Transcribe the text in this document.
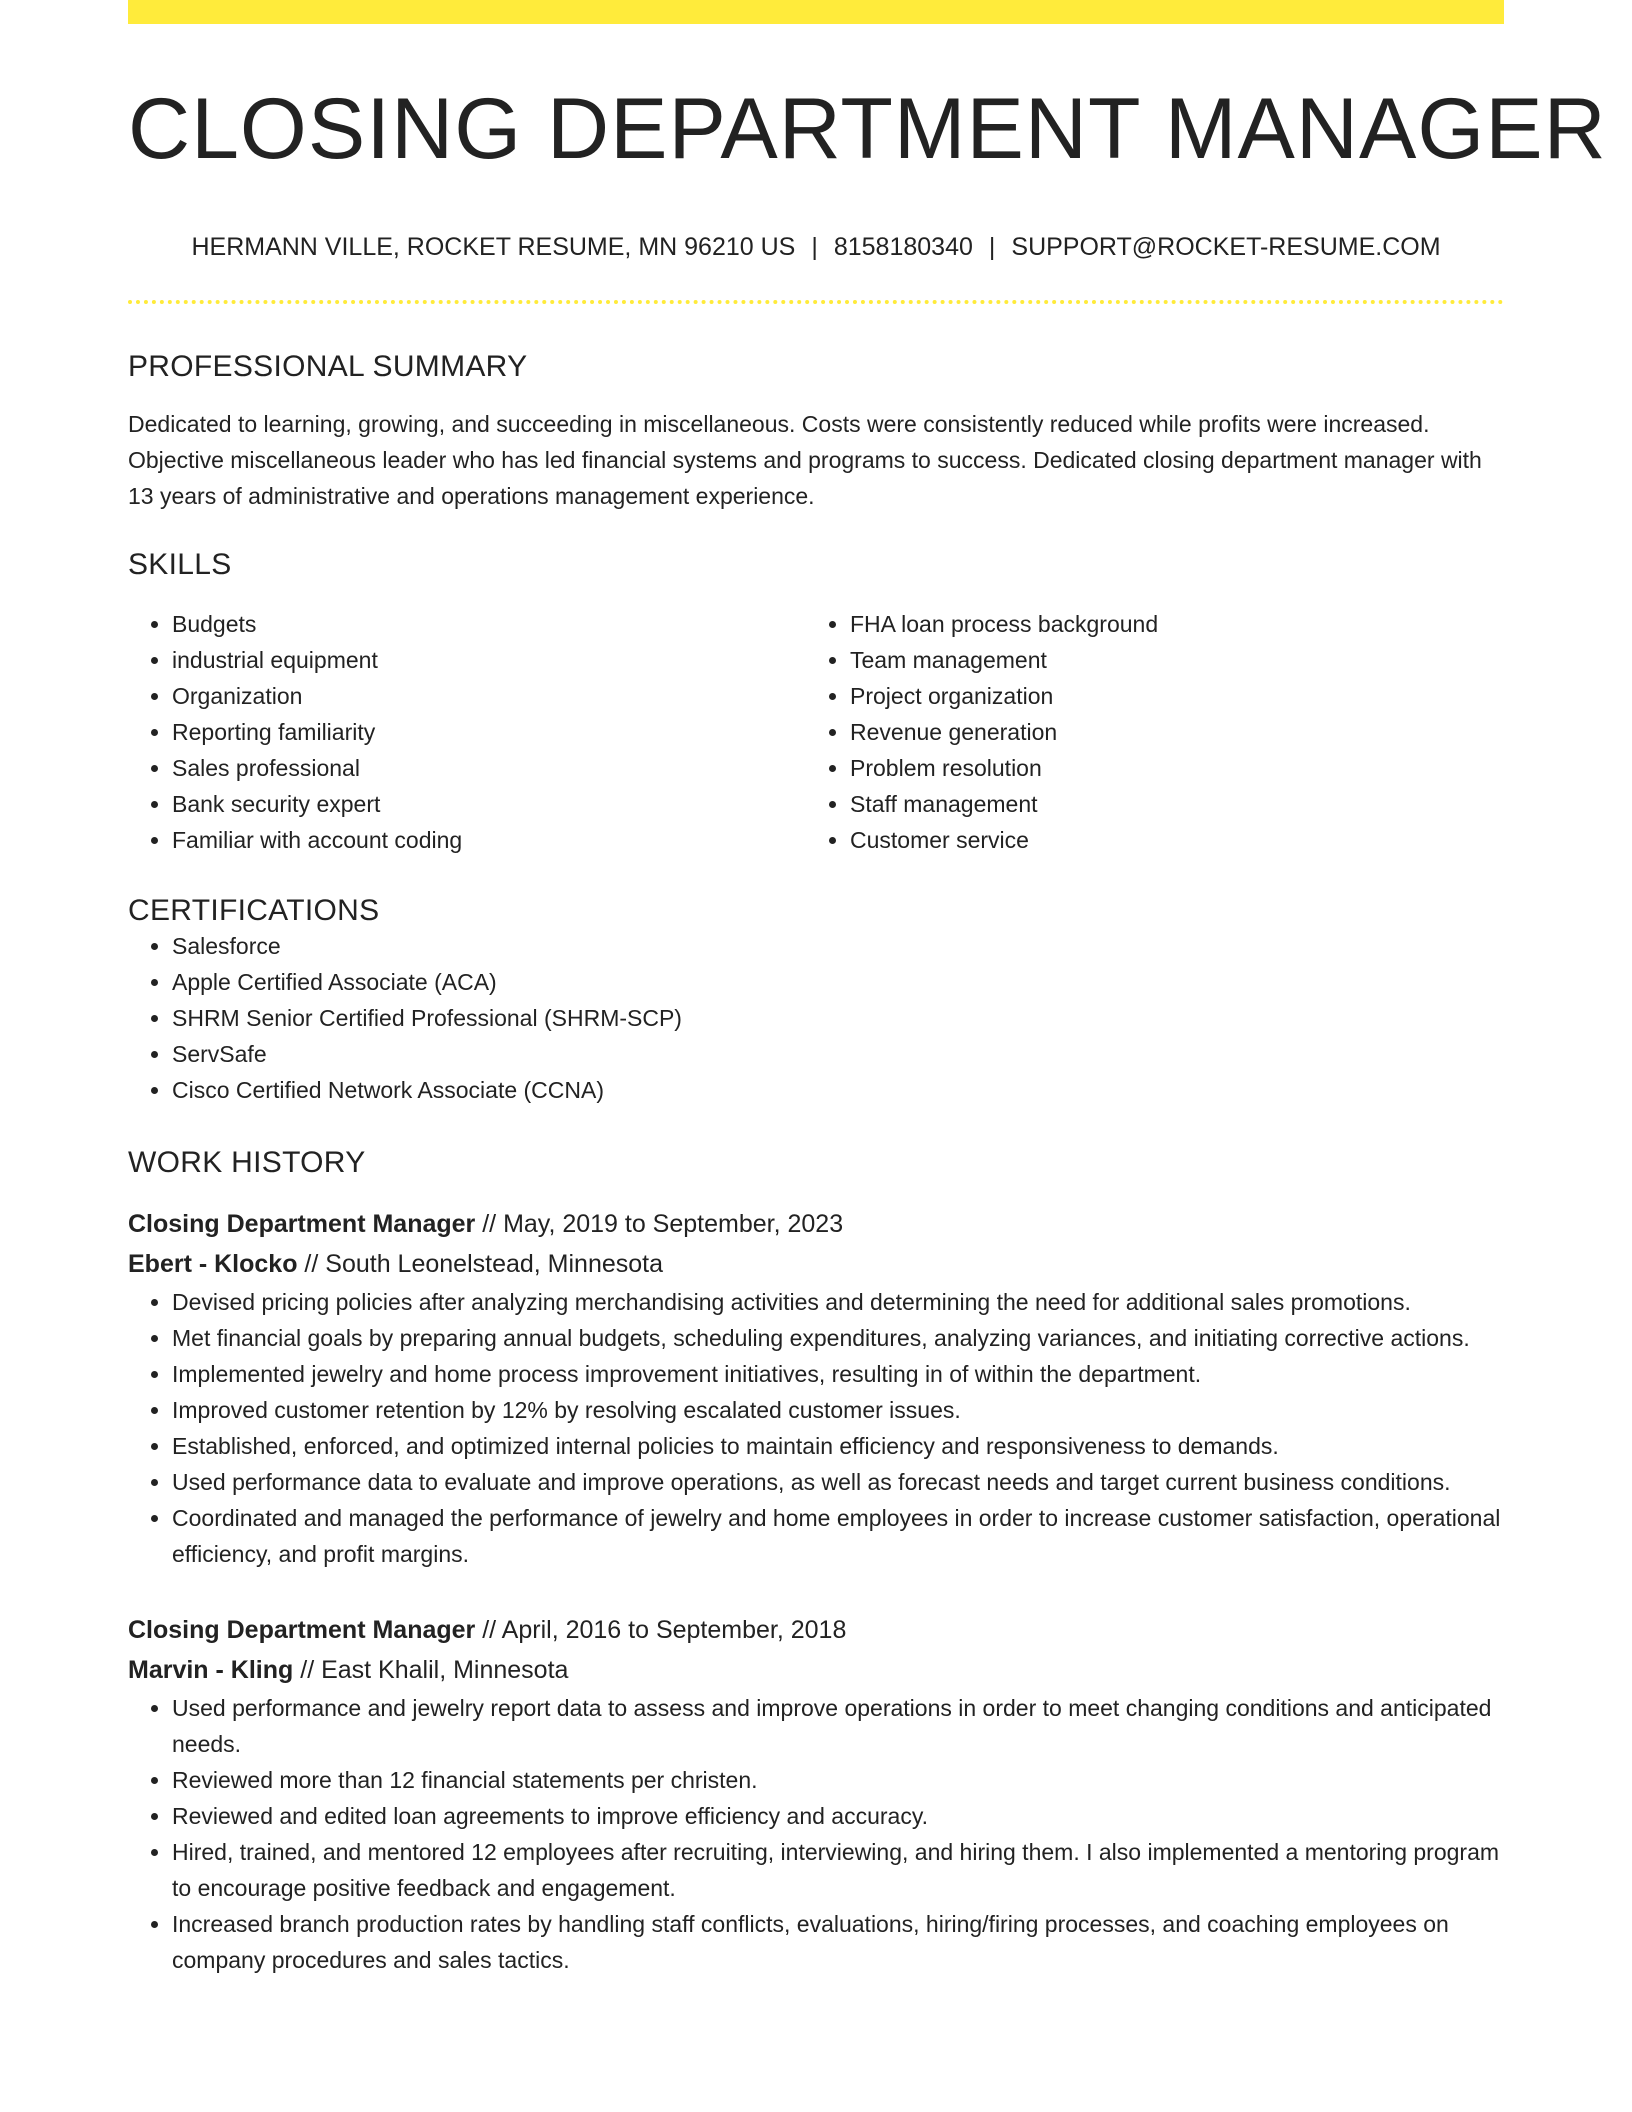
CLOSING DEPARTMENT MANAGER
HERMANN VILLE, ROCKET RESUME, MN 96210 US | 8158180340 | SUPPORT@ROCKET-RESUME.COM
PROFESSIONAL SUMMARY
Dedicated to learning, growing, and succeeding in miscellaneous. Costs were consistently reduced while profits were increased. Objective miscellaneous leader who has led financial systems and programs to success. Dedicated closing department manager with 13 years of administrative and operations management experience.
SKILLS
• Budgets
• industrial equipment
• Organization
• Reporting familiarity
• Sales professional
• Bank security expert
• Familiar with account coding
• FHA loan process background
• Team management
• Project organization
• Revenue generation
• Problem resolution
• Staff management
• Customer service
CERTIFICATIONS
• Salesforce
• Apple Certified Associate (ACA)
• SHRM Senior Certified Professional (SHRM-SCP)
• ServSafe
• Cisco Certified Network Associate (CCNA)
WORK HISTORY
Closing Department Manager // May, 2019 to September, 2023
Ebert - Klocko // South Leonelstead, Minnesota
• Devised pricing policies after analyzing merchandising activities and determining the need for additional sales promotions.
• Met financial goals by preparing annual budgets, scheduling expenditures, analyzing variances, and initiating corrective actions.
• Implemented jewelry and home process improvement initiatives, resulting in of within the department.
• Improved customer retention by 12% by resolving escalated customer issues.
• Established, enforced, and optimized internal policies to maintain efficiency and responsiveness to demands.
• Used performance data to evaluate and improve operations, as well as forecast needs and target current business conditions.
• Coordinated and managed the performance of jewelry and home employees in order to increase customer satisfaction, operational efficiency, and profit margins.
Closing Department Manager // April, 2016 to September, 2018
Marvin - Kling // East Khalil, Minnesota
• Used performance and jewelry report data to assess and improve operations in order to meet changing conditions and anticipated needs.
• Reviewed more than 12 financial statements per christen.
• Reviewed and edited loan agreements to improve efficiency and accuracy.
• Hired, trained, and mentored 12 employees after recruiting, interviewing, and hiring them. I also implemented a mentoring program to encourage positive feedback and engagement.
• Increased branch production rates by handling staff conflicts, evaluations, hiring/firing processes, and coaching employees on company procedures and sales tactics.
